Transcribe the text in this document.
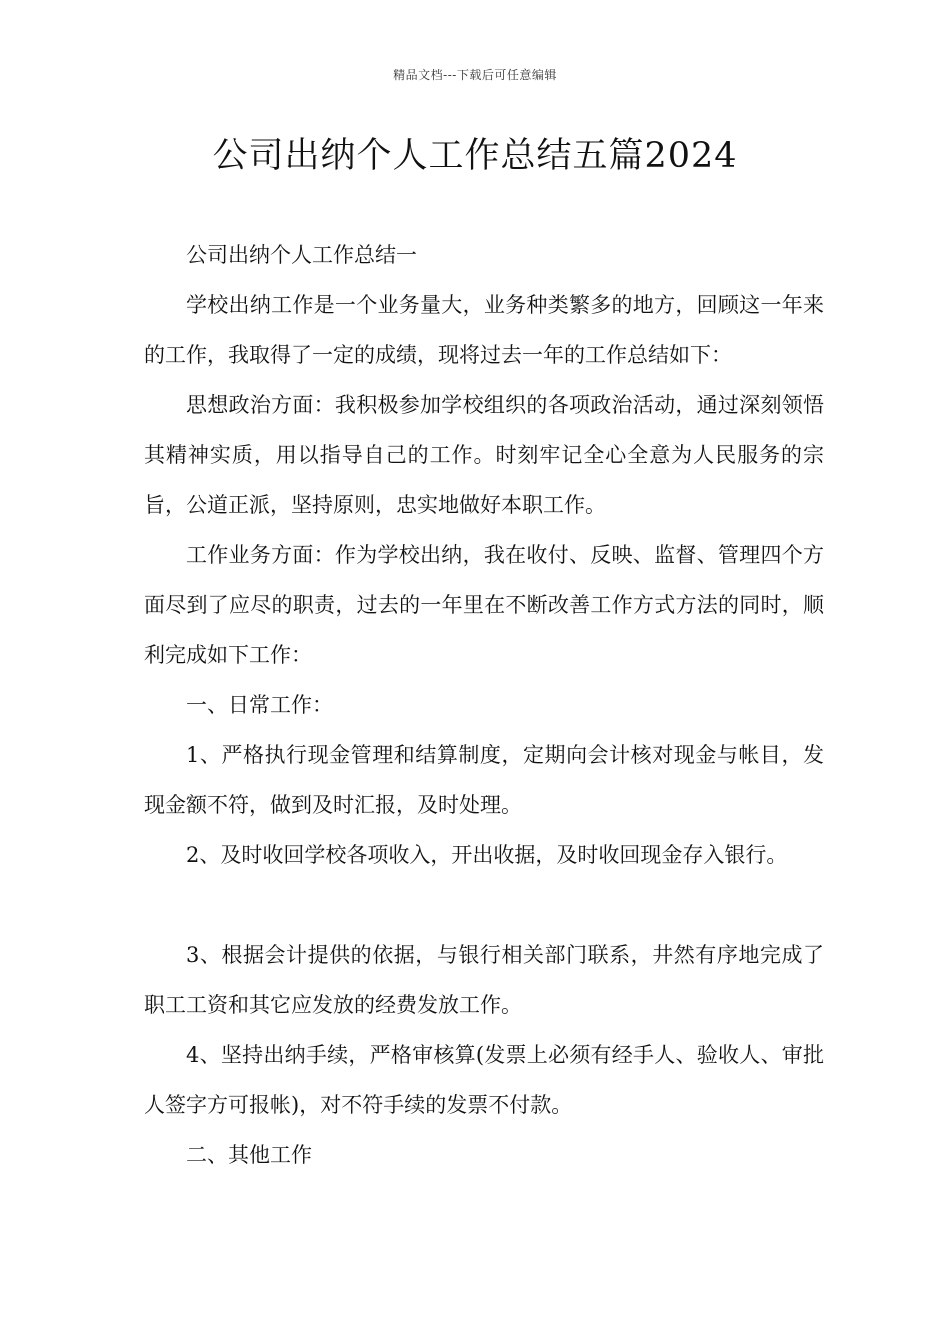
精品文档---下载后可任意编辑
公司出纳个人工作总结五篇2024

公司出纳个人工作总结一

学校出纳工作是一个业务量大，业务种类繁多的地方，回顾这一年来的工作，我取得了一定的成绩，现将过去一年的工作总结如下：

思想政治方面：我积极参加学校组织的各项政治活动，通过深刻领悟其精神实质，用以指导自己的工作。时刻牢记全心全意为人民服务的宗旨，公道正派，坚持原则，忠实地做好本职工作。

工作业务方面：作为学校出纳，我在收付、反映、监督、管理四个方面尽到了应尽的职责，过去的一年里在不断改善工作方式方法的同时，顺利完成如下工作：

一、日常工作：

1、严格执行现金管理和结算制度，定期向会计核对现金与帐目，发现金额不符，做到及时汇报，及时处理。

2、及时收回学校各项收入，开出收据，及时收回现金存入银行。

3、根据会计提供的依据，与银行相关部门联系，井然有序地完成了职工工资和其它应发放的经费发放工作。

4、坚持出纳手续，严格审核算(发票上必须有经手人、验收人、审批人签字方可报帐)，对不符手续的发票不付款。

二、其他工作
